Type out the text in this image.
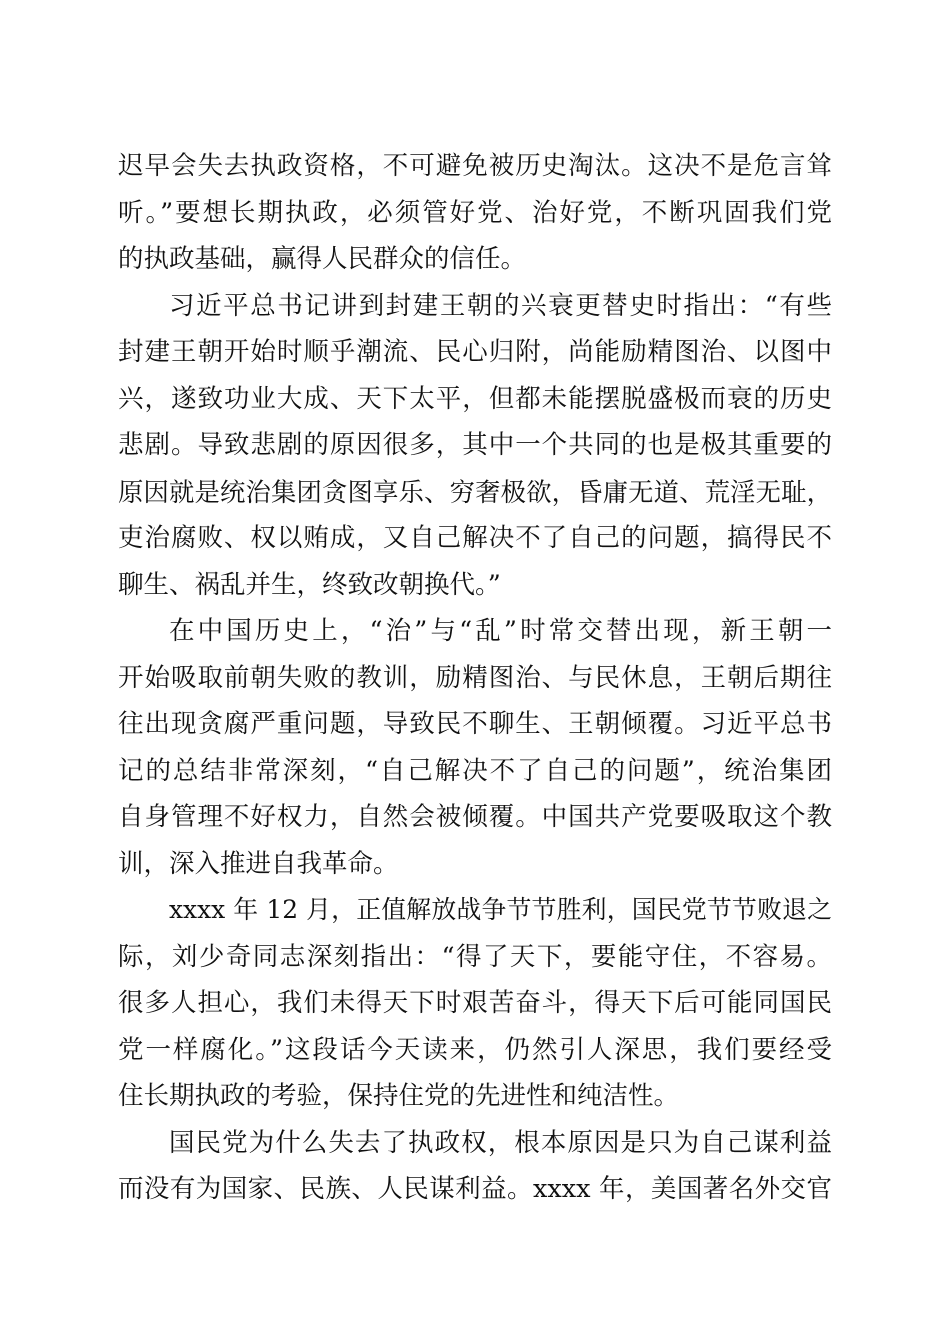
迟早会失去执政资格，不可避免被历史淘汰。这决不是危言耸
听。”要想长期执政，必须管好党、治好党，不断巩固我们党
的执政基础，赢得人民群众的信任。
习近平总书记讲到封建王朝的兴衰更替史时指出：“有些
封建王朝开始时顺乎潮流、民心归附，尚能励精图治、以图中
兴，遂致功业大成、天下太平，但都未能摆脱盛极而衰的历史
悲剧。导致悲剧的原因很多，其中一个共同的也是极其重要的
原因就是统治集团贪图享乐、穷奢极欲，昏庸无道、荒淫无耻，
吏治腐败、权以贿成，又自己解决不了自己的问题，搞得民不
聊生、祸乱并生，终致改朝换代。”
在中国历史上，“治”与“乱”时常交替出现，新王朝一
开始吸取前朝失败的教训，励精图治、与民休息，王朝后期往
往出现贪腐严重问题，导致民不聊生、王朝倾覆。习近平总书
记的总结非常深刻，“自己解决不了自己的问题”，统治集团
自身管理不好权力，自然会被倾覆。中国共产党要吸取这个教
训，深入推进自我革命。
xxxx 年 12 月，正值解放战争节节胜利，国民党节节败退之
际，刘少奇同志深刻指出：“得了天下，要能守住，不容易。
很多人担心，我们未得天下时艰苦奋斗，得天下后可能同国民
党一样腐化。”这段话今天读来，仍然引人深思，我们要经受
住长期执政的考验，保持住党的先进性和纯洁性。
国民党为什么失去了执政权，根本原因是只为自己谋利益
而没有为国家、民族、人民谋利益。xxxx 年，美国著名外交官
